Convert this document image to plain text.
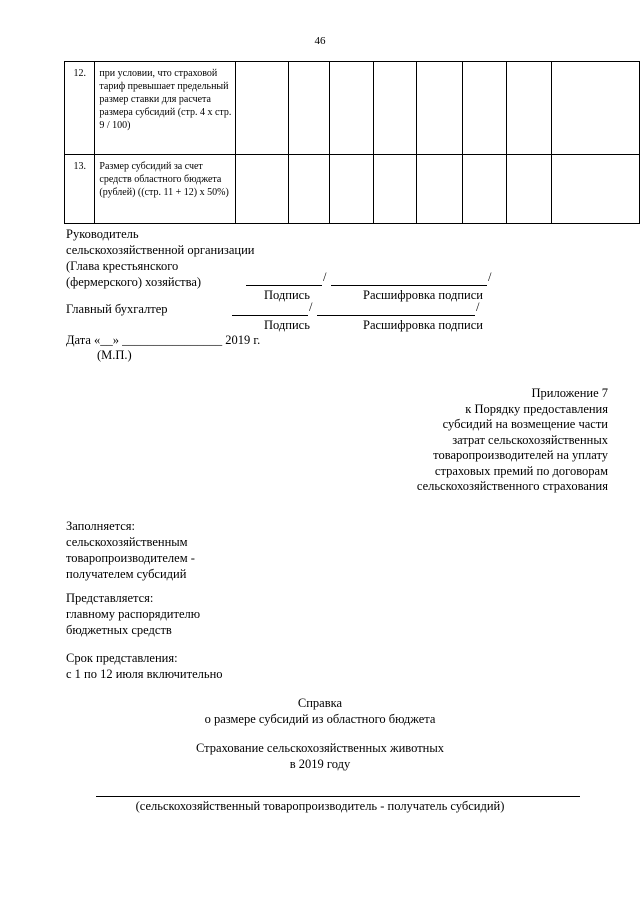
46
12.	при условии, что страховой тариф превышает предельный размер ставки для расчета размера субсидий (стр. 4 х стр. 9 / 100)								
13.	Размер субсидий за счет средств областного бюджета (рублей) ((стр. 11 + 12) х 50%)								
Руководитель
сельскохозяйственной организации
(Глава крестьянского
(фермерского) хозяйства)	/	/
Подпись	Расшифровка подписи
Главный бухгалтер	/	/
Подпись	Расшифровка подписи
Дата «__» ________________ 2019 г.
(М.П.)
Приложение 7
к Порядку предоставления
субсидий на возмещение части
затрат сельскохозяйственных
товаропроизводителей на уплату
страховых премий по договорам
сельскохозяйственного страхования
Заполняется:
сельскохозяйственным
товаропроизводителем -
получателем субсидий
Представляется:
главному распорядителю
бюджетных средств
Срок представления:
с 1 по 12 июля включительно
Справка
о размере субсидий из областного бюджета
Страхование сельскохозяйственных животных
в 2019 году
(сельскохозяйственный товаропроизводитель - получатель субсидий)
